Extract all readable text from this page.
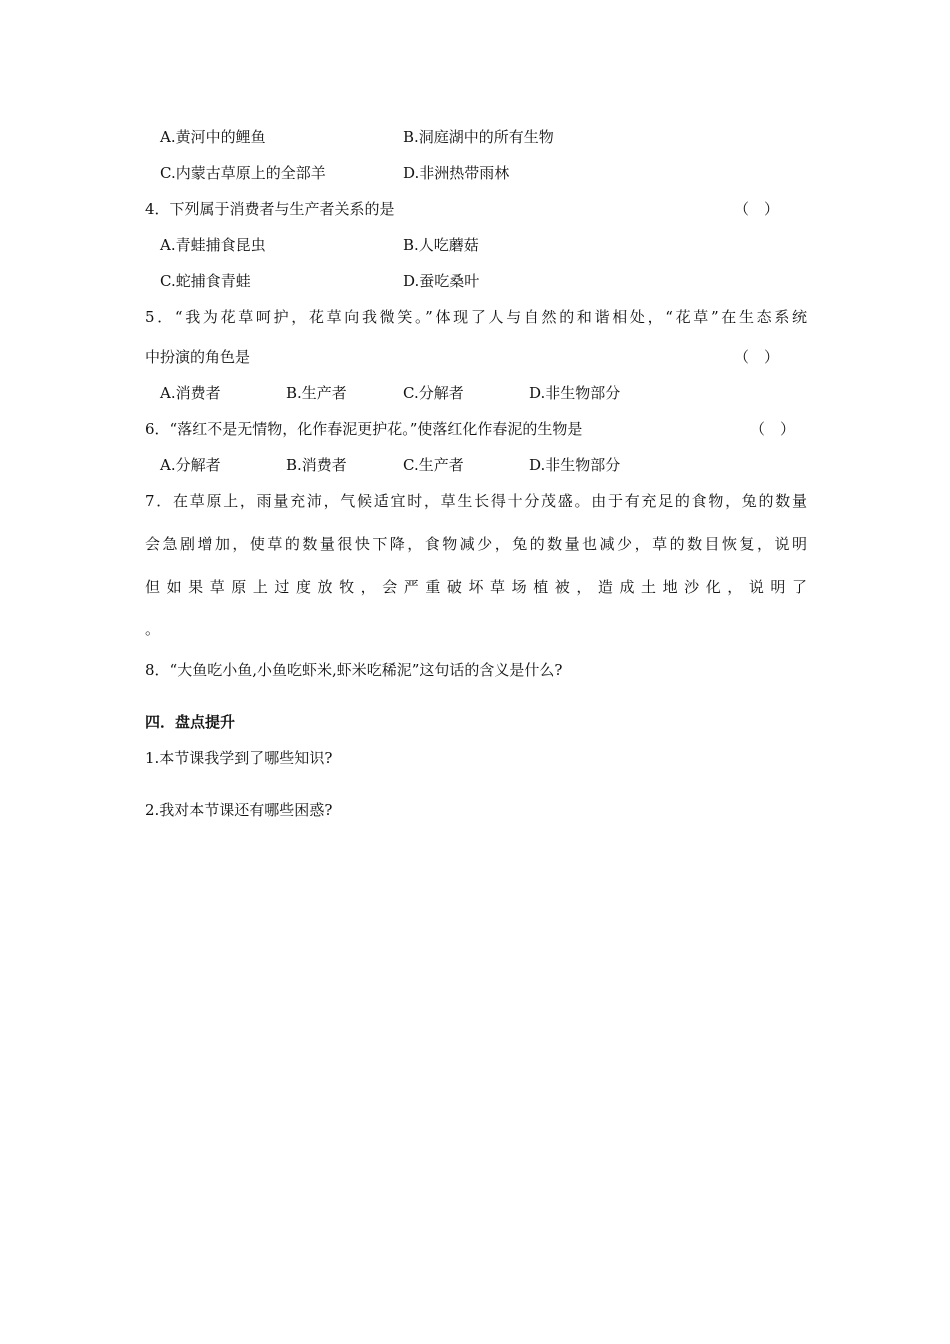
A.黄河中的鲤鱼	B.洞庭湖中的所有生物
C.内蒙古草原上的全部羊	D.非洲热带雨林
4．下列属于消费者与生产者关系的是	（　）
A.青蛙捕食昆虫	B.人吃蘑菇
C.蛇捕食青蛙	D.蚕吃桑叶
5．“我为花草呵护，花草向我微笑。”体现了人与自然的和谐相处，“花草”在生态系统
中扮演的角色是	（　）
A.消费者	B.生产者	C.分解者	D.非生物部分
6．“落红不是无情物，化作春泥更护花。”使落红化作春泥的生物是	（　）
A.分解者	B.消费者	C.生产者	D.非生物部分
7．在草原上，雨量充沛，气候适宜时，草生长得十分茂盛。由于有充足的食物，兔的数量
会急剧增加，使草的数量很快下降，食物减少，兔的数量也减少，草的数目恢复，说明
但如果草原上过度放牧，会严重破坏草场植被，造成土地沙化，说明了
。
8．“大鱼吃小鱼,小鱼吃虾米,虾米吃稀泥”这句话的含义是什么?
四．盘点提升
1.本节课我学到了哪些知识?
2.我对本节课还有哪些困惑?
